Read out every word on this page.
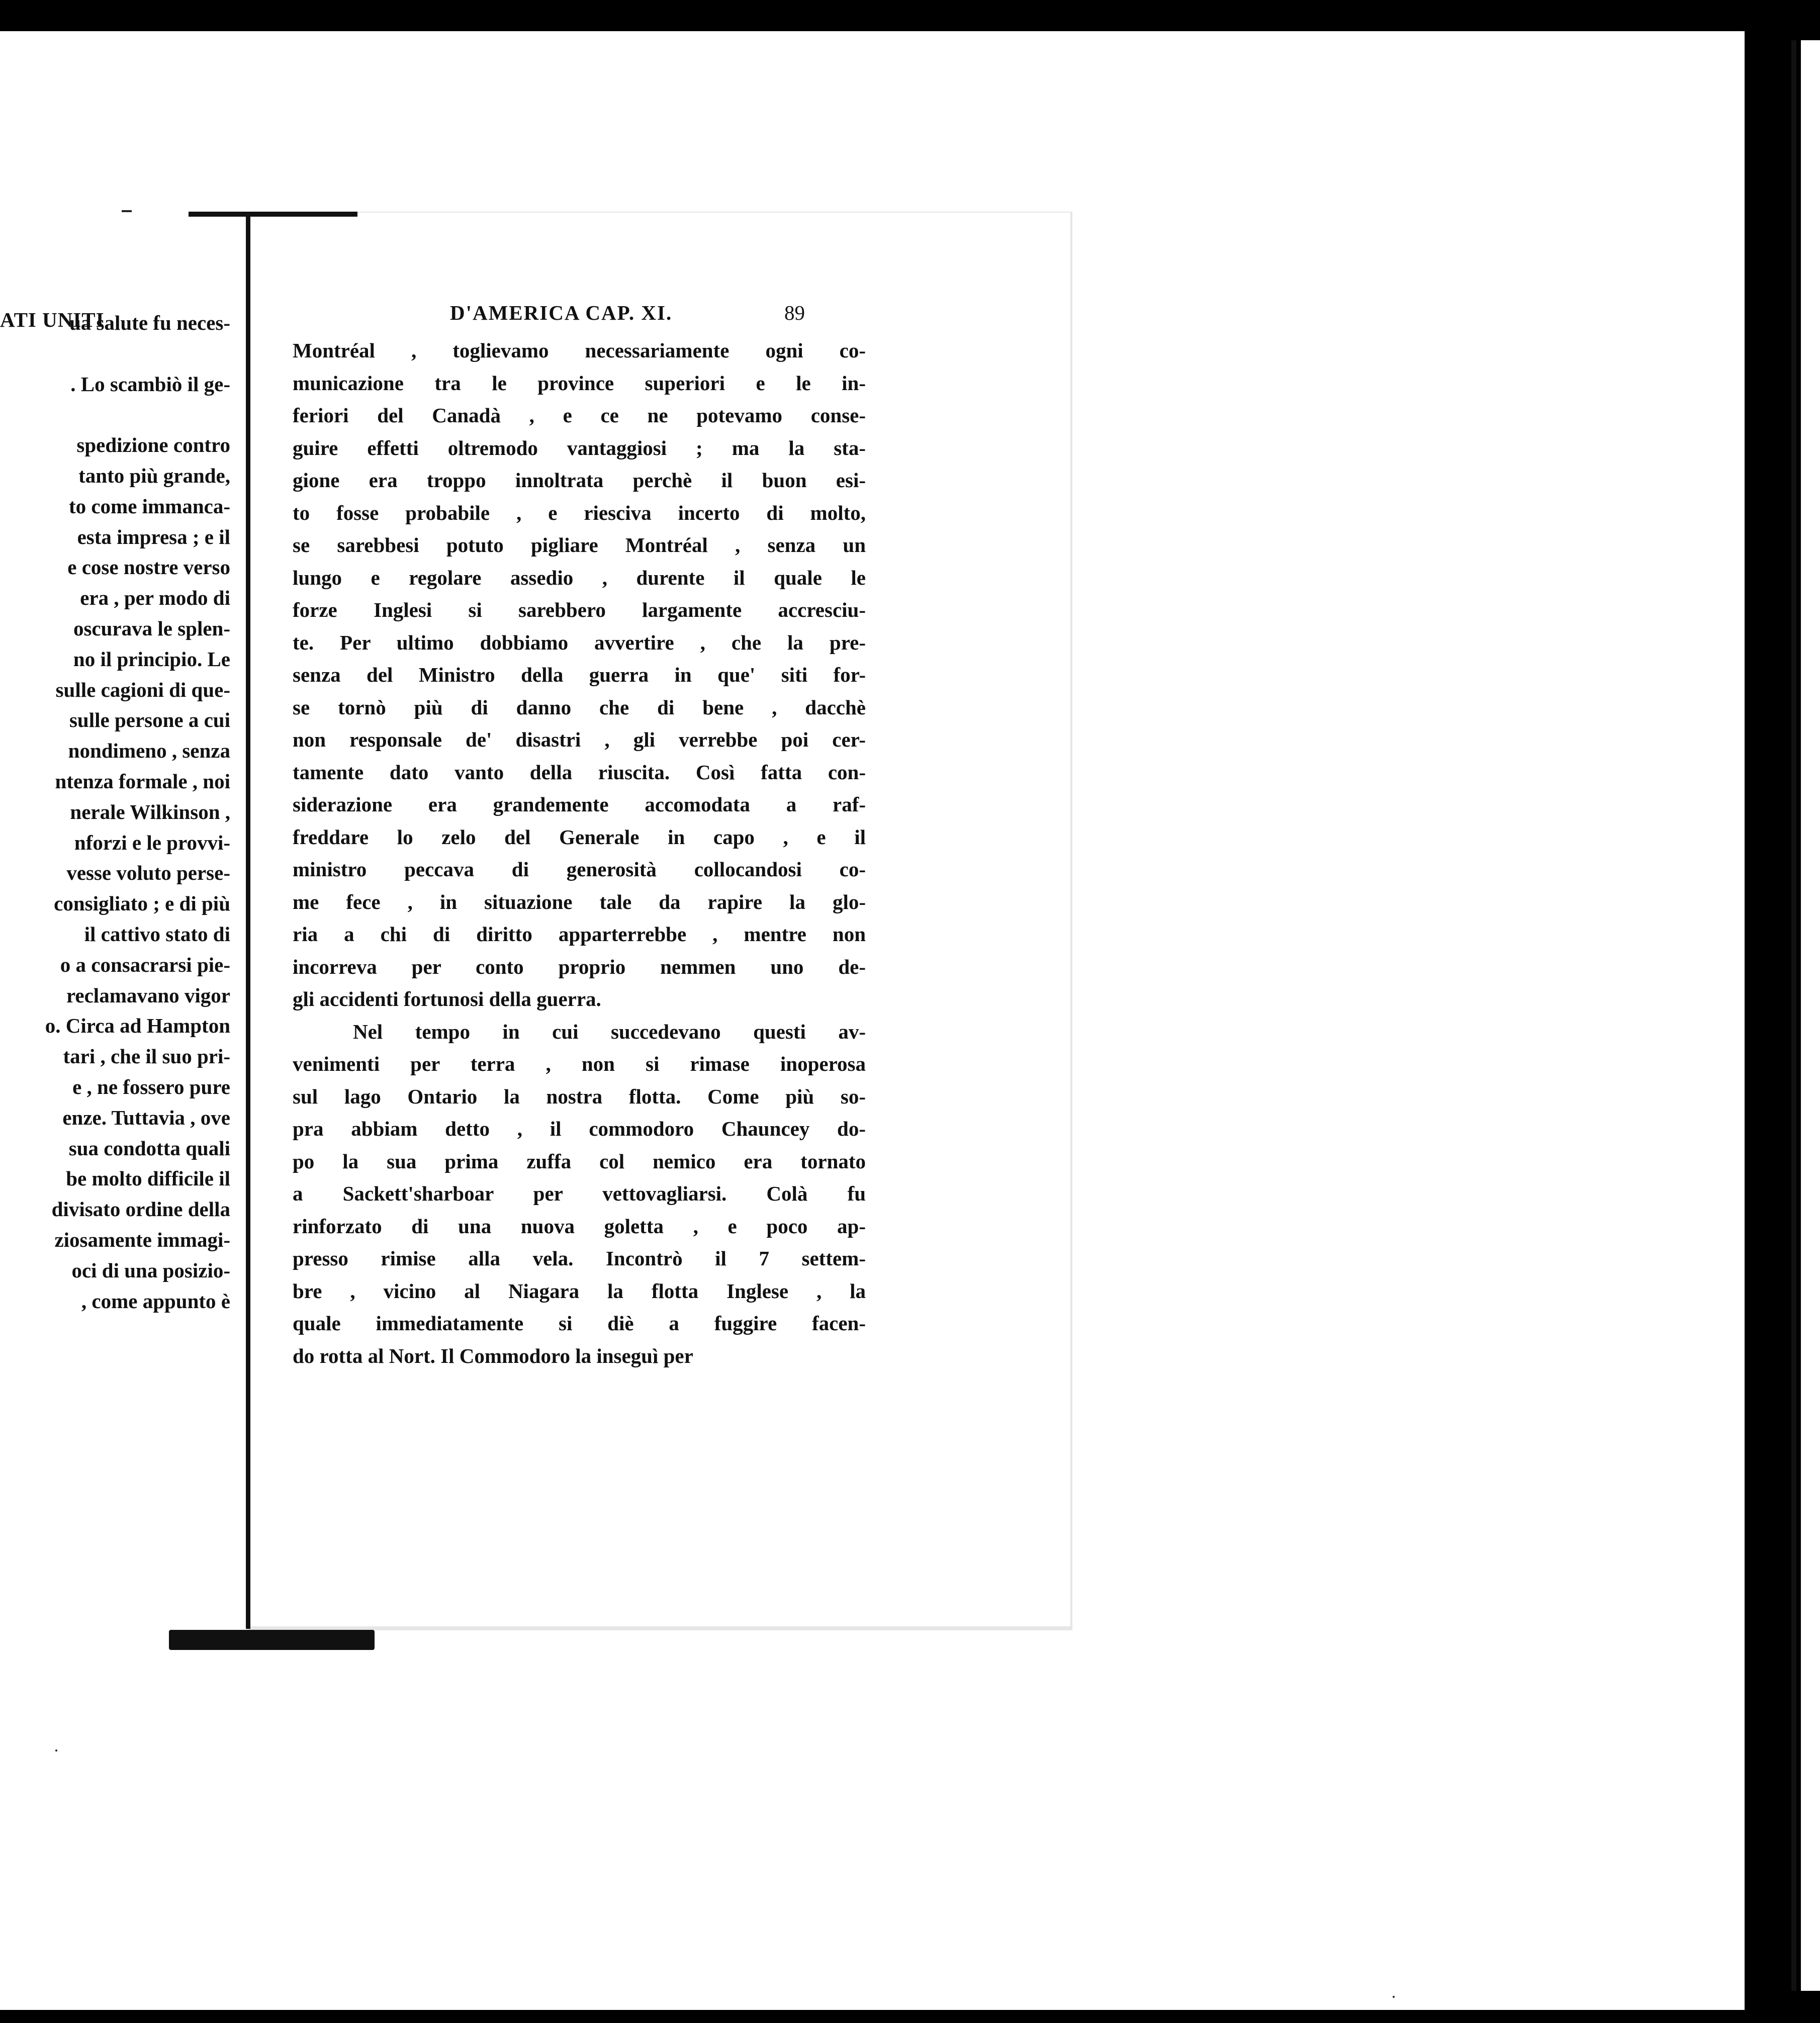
ATI UNITI
ua salute fu neces-
. Lo scambiò il ge-
spedizione contro
tanto più grande,
to come immanca-
esta impresa ; e il
e cose nostre verso
era , per modo di
oscurava le splen-
no il principio. Le
sulle cagioni di que-
sulle persone a cui
nondimeno , senza
ntenza formale , noi
nerale Wilkinson ,
nforzi e le provvi-
vesse voluto perse-
consigliato ; e di più
il cattivo stato di
o a consacrarsi pie-
reclamavano vigor
o. Circa ad Hampton
tari , che il suo pri-
e , ne fossero pure
enze. Tuttavia , ove
sua condotta quali
be molto difficile il
divisato ordine della
ziosamente immagi-
oci di una posizio-
, come appunto è
D'AMERICA CAP. XI.	89
Montréal , toglievamo necessariamente ogni co-
municazione tra le province superiori e le in-
feriori del Canadà , e ce ne potevamo conse-
guire effetti oltremodo vantaggiosi ; ma la sta-
gione era troppo innoltrata perchè il buon esi-
to fosse probabile , e riesciva incerto di molto,
se sarebbesi potuto pigliare Montréal , senza un
lungo e regolare assedio , durente il quale le
forze Inglesi si sarebbero largamente accresciu-
te. Per ultimo dobbiamo avvertire , che la pre-
senza del Ministro della guerra in que' siti for-
se tornò più di danno che di bene , dacchè
non responsale de' disastri , gli verrebbe poi cer-
tamente dato vanto della riuscita. Così fatta con-
siderazione era grandemente accomodata a raf-
freddare lo zelo del Generale in capo , e il
ministro peccava di generosità collocandosi co-
me fece , in situazione tale da rapire la glo-
ria a chi di diritto apparterrebbe , mentre non
incorreva per conto proprio nemmen uno de-
gli accidenti fortunosi della guerra.
Nel tempo in cui succedevano questi av-
venimenti per terra , non si rimase inoperosa
sul lago Ontario la nostra flotta. Come più so-
pra abbiam detto , il commodoro Chauncey do-
po la sua prima zuffa col nemico era tornato
a Sackett'sharboar per vettovagliarsi. Colà fu
rinforzato di una nuova goletta , e poco ap-
presso rimise alla vela. Incontrò il 7 settem-
bre , vicino al Niagara la flotta Inglese , la
quale immediatamente si diè a fuggire facen-
do rotta al Nort. Il Commodoro la inseguì per
